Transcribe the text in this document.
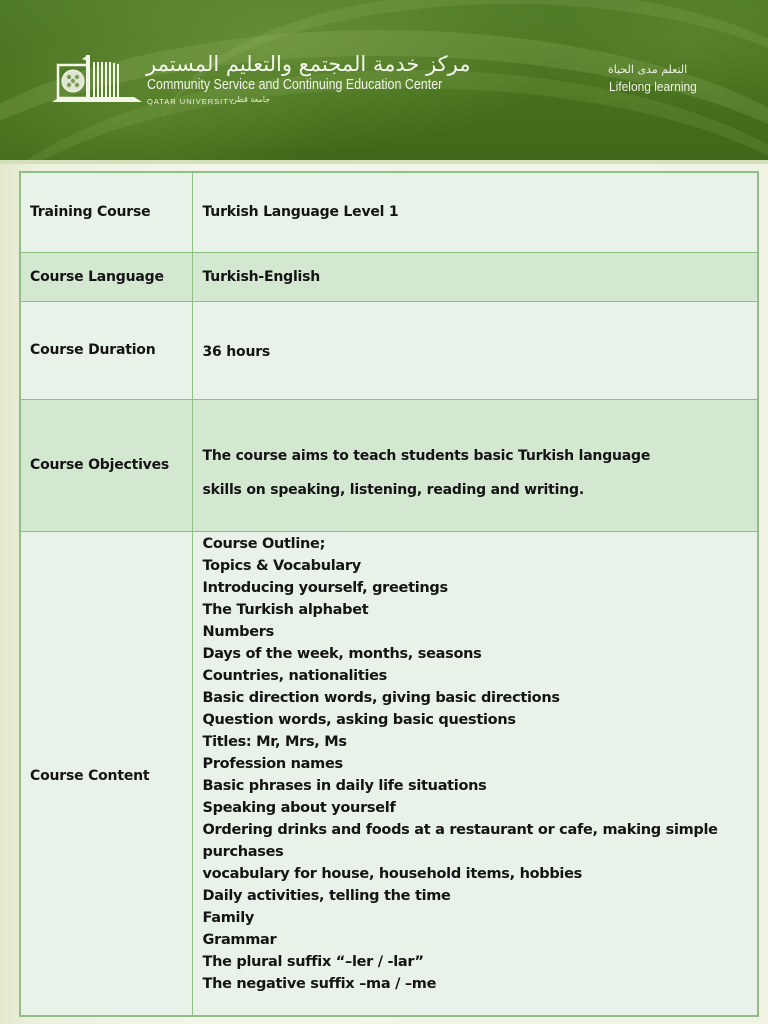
مركز خدمة المجتمع والتعليم المستمر
Community Service and Continuing Education Center
QATAR UNIVERSITY
جامعة قطر
التعلم مدى الحياة
Lifelong learning
Training Course	Turkish Language Level 1
Course Language	Turkish-English
Course Duration	36 hours
Course Objectives	The course aims to teach students basic Turkish language
skills on speaking, listening, reading and writing.

Course Content	
Course Outline;
Topics & Vocabulary
Introducing yourself, greetings
The Turkish alphabet
Numbers
Days of the week, months, seasons
Countries, nationalities
Basic direction words, giving basic directions
Question words, asking basic questions
Titles: Mr, Mrs, Ms
Profession names
Basic phrases in daily life situations
Speaking about yourself
Ordering drinks and foods at a restaurant or cafe, making simple
purchases
vocabulary for house, household items, hobbies
Daily activities, telling the time
Family
Grammar
The plural suffix “–ler / -lar”
The negative suffix –ma / –me
